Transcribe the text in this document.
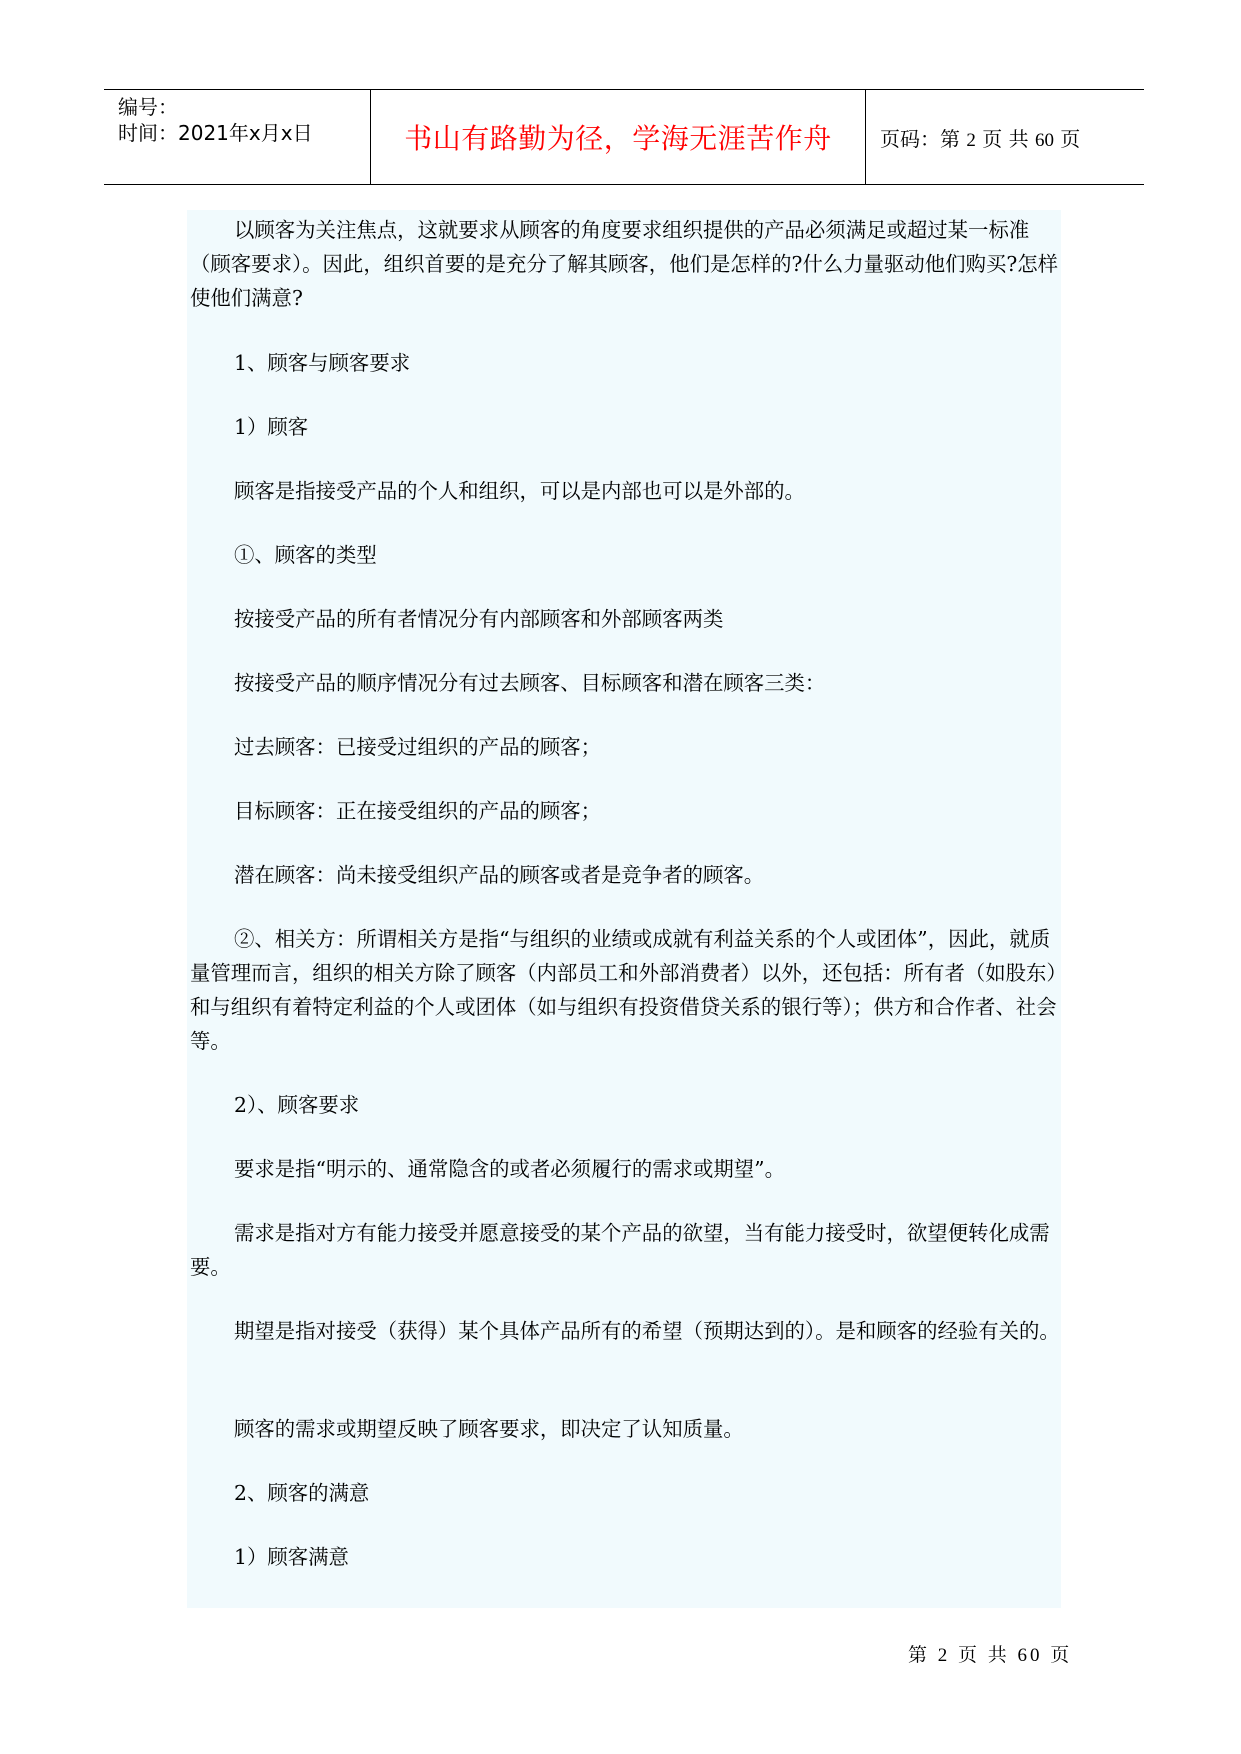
编号：
时间：2021年x月x日	书山有路勤为径，学海无涯苦作舟	页码：第 2 页 共 60 页

以顾客为关注焦点，这就要求从顾客的角度要求组织提供的产品必须满足或超过某一标准（顾客要求）。因此，组织首要的是充分了解其顾客，他们是怎样的?什么力量驱动他们购买?怎样使他们满意?

1、顾客与顾客要求

1）顾客

顾客是指接受产品的个人和组织，可以是内部也可以是外部的。

①、顾客的类型

按接受产品的所有者情况分有内部顾客和外部顾客两类

按接受产品的顺序情况分有过去顾客、目标顾客和潜在顾客三类：

过去顾客：已接受过组织的产品的顾客；

目标顾客：正在接受组织的产品的顾客；

潜在顾客：尚未接受组织产品的顾客或者是竞争者的顾客。

②、相关方：所谓相关方是指“与组织的业绩或成就有利益关系的个人或团体”，因此，就质量管理而言，组织的相关方除了顾客（内部员工和外部消费者）以外，还包括：所有者（如股东）和与组织有着特定利益的个人或团体（如与组织有投资借贷关系的银行等）；供方和合作者、社会等。

2）、顾客要求

要求是指“明示的、通常隐含的或者必须履行的需求或期望”。

需求是指对方有能力接受并愿意接受的某个产品的欲望，当有能力接受时，欲望便转化成需要。

期望是指对接受（获得）某个具体产品所有的希望（预期达到的）。是和顾客的经验有关的。

顾客的需求或期望反映了顾客要求，即决定了认知质量。

2、顾客的满意

1）顾客满意

第 2 页 共 60 页
